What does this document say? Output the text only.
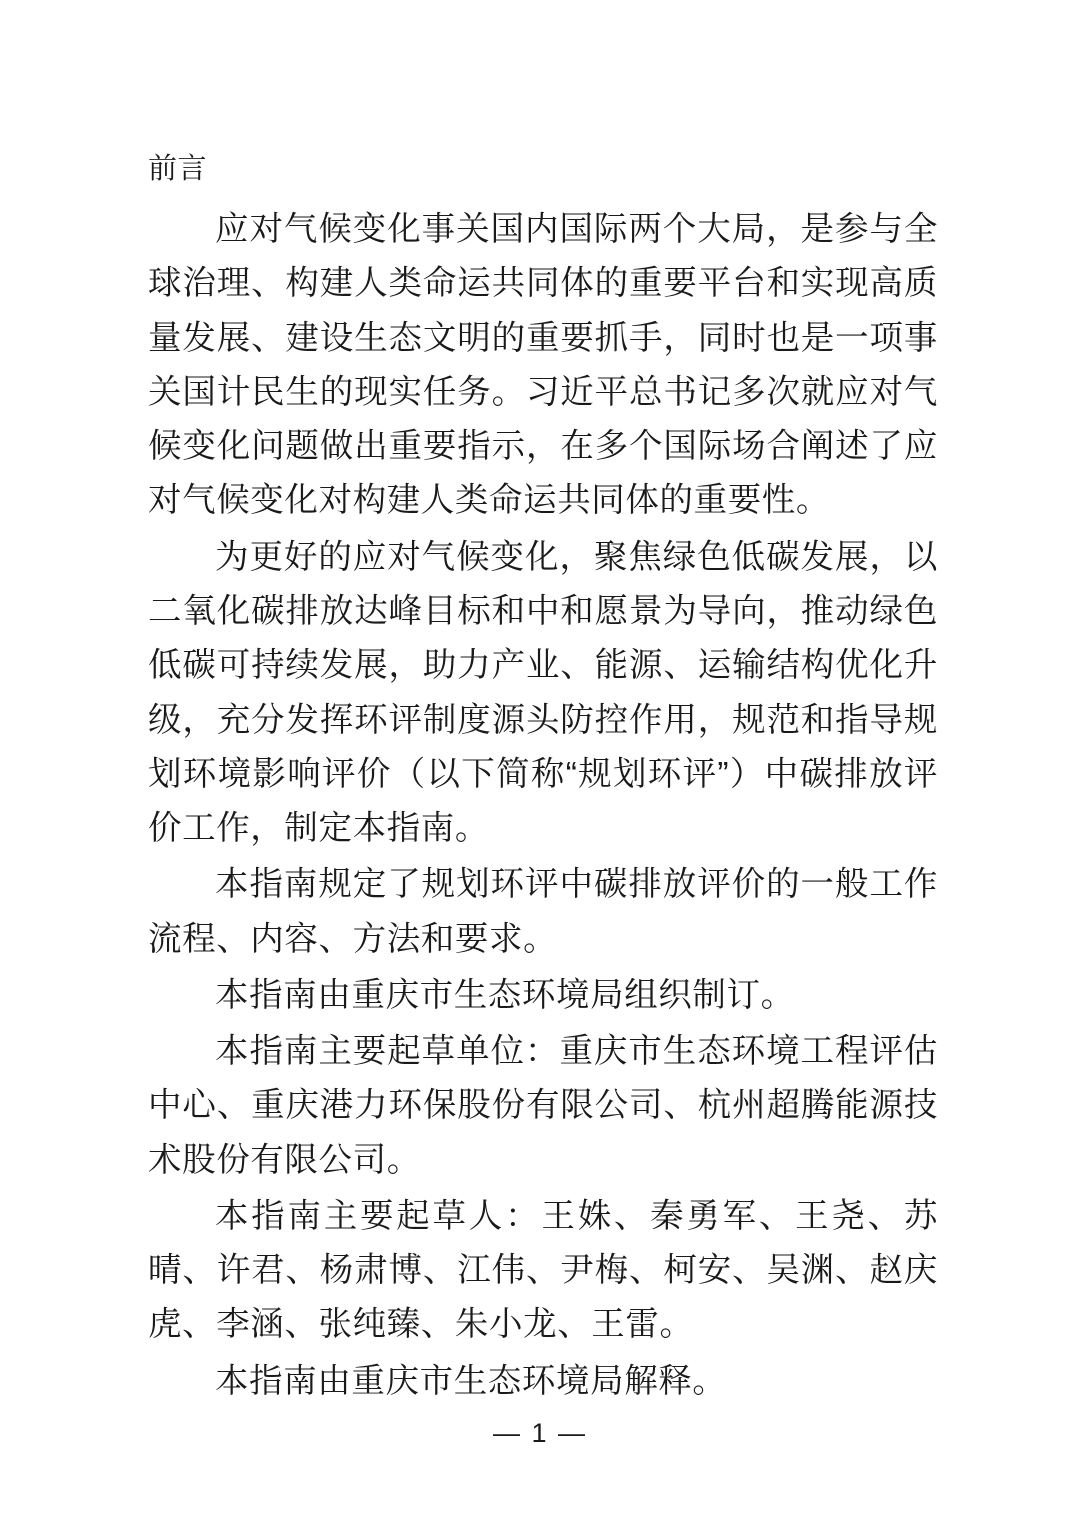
前言

应对气候变化事关国内国际两个大局，是参与全球治理、构建人类命运共同体的重要平台和实现高质量发展、建设生态文明的重要抓手，同时也是一项事关国计民生的现实任务。习近平总书记多次就应对气候变化问题做出重要指示，在多个国际场合阐述了应对气候变化对构建人类命运共同体的重要性。

为更好的应对气候变化，聚焦绿色低碳发展，以二氧化碳排放达峰目标和中和愿景为导向，推动绿色低碳可持续发展，助力产业、能源、运输结构优化升级，充分发挥环评制度源头防控作用，规范和指导规划环境影响评价（以下简称“规划环评”）中碳排放评价工作，制定本指南。

本指南规定了规划环评中碳排放评价的一般工作流程、内容、方法和要求。

本指南由重庆市生态环境局组织制订。

本指南主要起草单位：重庆市生态环境工程评估中心、重庆港力环保股份有限公司、杭州超腾能源技术股份有限公司。

本指南主要起草人：王姝、秦勇军、王尧、苏晴、许君、杨肃博、江伟、尹梅、柯安、吴渊、赵庆虎、李涵、张纯臻、朱小龙、王雷。

本指南由重庆市生态环境局解释。

— 1 —
